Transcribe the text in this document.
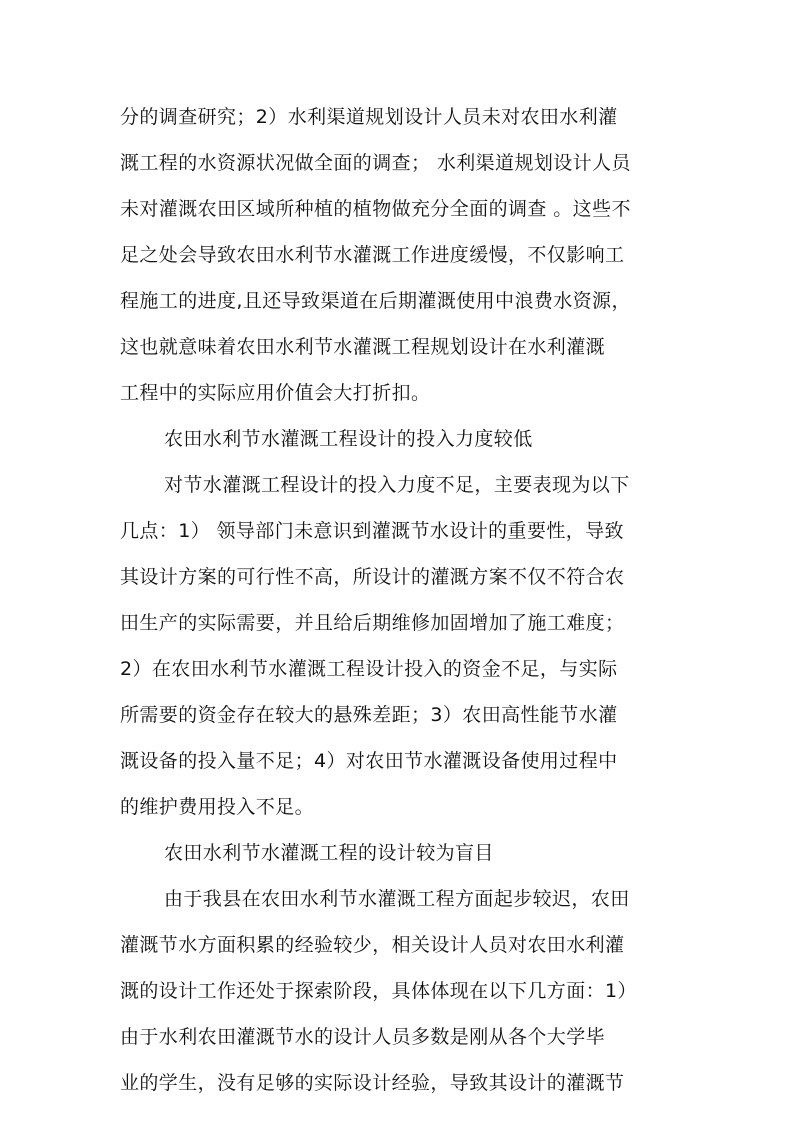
分的调查研究；2）水利渠道规划设计人员未对农田水利灌
溉工程的水资源状况做全面的调查； 水利渠道规划设计人员
未对灌溉农田区域所种植的植物做充分全面的调查 。这些不
足之处会导致农田水利节水灌溉工作进度缓慢，不仅影响工
程施工的进度,且还导致渠道在后期灌溉使用中浪费水资源，
这也就意味着农田水利节水灌溉工程规划设计在水利灌溉
工程中的实际应用价值会大打折扣。
农田水利节水灌溉工程设计的投入力度较低
对节水灌溉工程设计的投入力度不足，主要表现为以下
几点：1） 领导部门未意识到灌溉节水设计的重要性，导致
其设计方案的可行性不高，所设计的灌溉方案不仅不符合农
田生产的实际需要，并且给后期维修加固增加了施工难度；
2）在农田水利节水灌溉工程设计投入的资金不足，与实际
所需要的资金存在较大的悬殊差距；3）农田高性能节水灌
溉设备的投入量不足；4）对农田节水灌溉设备使用过程中
的维护费用投入不足。
农田水利节水灌溉工程的设计较为盲目
由于我县在农田水利节水灌溉工程方面起步较迟，农田
灌溉节水方面积累的经验较少，相关设计人员对农田水利灌
溉的设计工作还处于探索阶段，具体体现在以下几方面：1）
由于水利农田灌溉节水的设计人员多数是刚从各个大学毕
业的学生，没有足够的实际设计经验，导致其设计的灌溉节
